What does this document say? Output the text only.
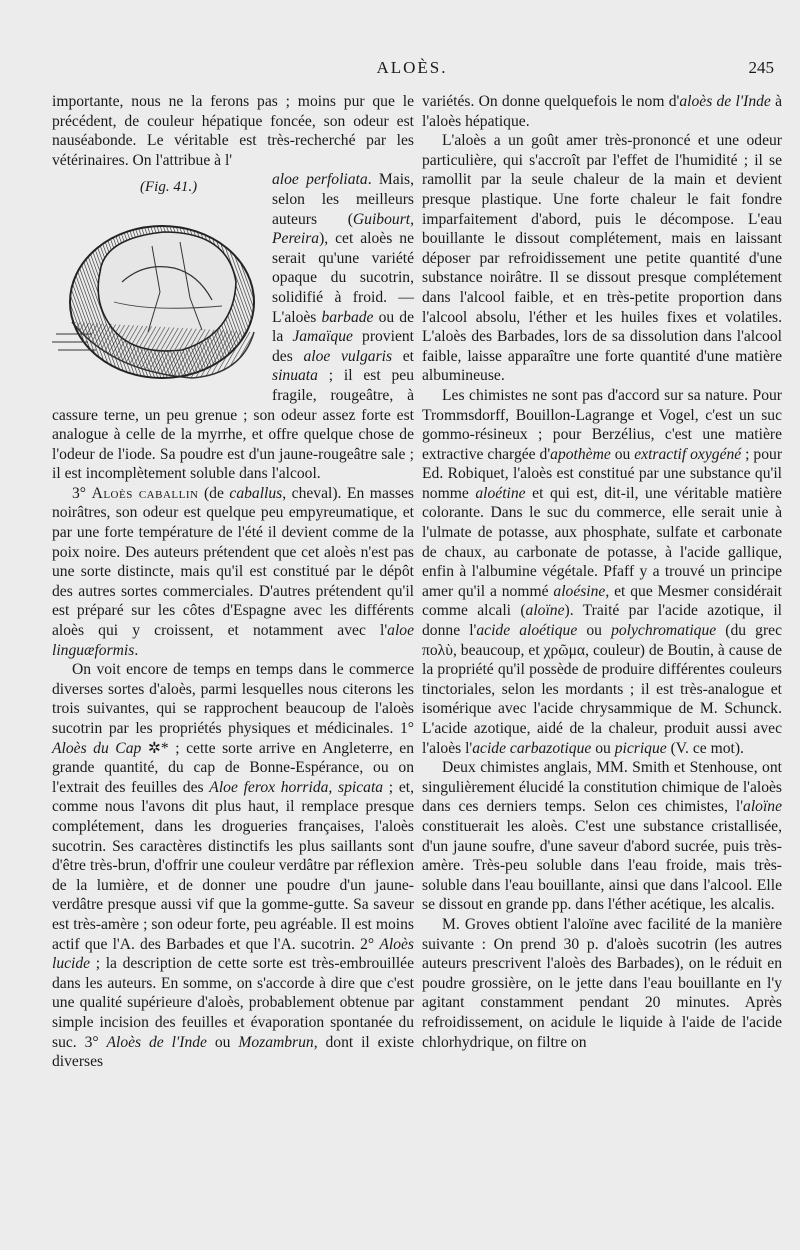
ALOÈS.	245

importante, nous ne la ferons pas ; moins pur que le précédent, de couleur hépatique foncée, son odeur est nauséabonde. Le véritable est très-recherché par les vétérinaires. On l'attribue à l'

(Fig. 41.)	aloe perfoliata. Mais, selon les meilleurs auteurs (Guibourt, Pereira), cet aloès ne serait qu'une variété opaque du sucotrin, solidifié à froid. — L'aloès barbade ou de la Jamaïque provient des aloe vulgaris et sinuata ; il est peu fragile, rougeâtre, à cassure terne, un peu grenue ; son odeur assez forte est analogue à celle de la myrrhe, et offre quelque chose de l'odeur de l'iode. Sa poudre est d'un jaune-rougeâtre sale ; il est incomplètement soluble dans l'alcool.

3° Aloès caballin (de caballus, cheval). En masses noirâtres, son odeur est quelque peu empyreumatique, et par une forte température de l'été il devient comme de la poix noire. Des auteurs prétendent que cet aloès n'est pas une sorte distincte, mais qu'il est constitué par le dépôt des autres sortes commerciales. D'autres prétendent qu'il est préparé sur les côtes d'Espagne avec les différents aloès qui y croissent, et notamment avec l'aloe linguæformis.

On voit encore de temps en temps dans le commerce diverses sortes d'aloès, parmi lesquelles nous citerons les trois suivantes, qui se rapprochent beaucoup de l'aloès sucotrin par les propriétés physiques et médicinales. 1° Aloès du Cap ✲* ; cette sorte arrive en Angleterre, en grande quantité, du cap de Bonne-Espérance, ou on l'extrait des feuilles des Aloe ferox horrida, spicata ; et, comme nous l'avons dit plus haut, il remplace presque complétement, dans les drogueries françaises, l'aloès sucotrin. Ses caractères distinctifs les plus saillants sont d'être très-brun, d'offrir une couleur verdâtre par réflexion de la lumière, et de donner une poudre d'un jaune-verdâtre presque aussi vif que la gomme-gutte. Sa saveur est très-amère ; son odeur forte, peu agréable. Il est moins actif que l'A. des Barbades et que l'A. sucotrin. 2° Aloès lucide ; la description de cette sorte est très-embrouillée dans les auteurs. En somme, on s'accorde à dire que c'est une qualité supérieure d'aloès, probablement obtenue par simple incision des feuilles et évaporation spontanée du suc. 3° Aloès de l'Inde ou Mozambrun, dont il existe diverses

variétés. On donne quelquefois le nom d'aloès de l'Inde à l'aloès hépatique.

L'aloès a un goût amer très-prononcé et une odeur particulière, qui s'accroît par l'effet de l'humidité ; il se ramollit par la seule chaleur de la main et devient presque plastique. Une forte chaleur le fait fondre imparfaitement d'abord, puis le décompose. L'eau bouillante le dissout complétement, mais en laissant déposer par refroidissement une petite quantité d'une substance noirâtre. Il se dissout presque complétement dans l'alcool faible, et en très-petite proportion dans l'alcool absolu, l'éther et les huiles fixes et volatiles. L'aloès des Barbades, lors de sa dissolution dans l'alcool faible, laisse apparaître une forte quantité d'une matière albumineuse.

Les chimistes ne sont pas d'accord sur sa nature. Pour Trommsdorff, Bouillon-Lagrange et Vogel, c'est un suc gommo-résineux ; pour Berzélius, c'est une matière extractive chargée d'apothème ou extractif oxygéné ; pour Ed. Robiquet, l'aloès est constitué par une substance qu'il nomme aloétine et qui est, dit-il, une véritable matière colorante. Dans le suc du commerce, elle serait unie à l'ulmate de potasse, aux phosphate, sulfate et carbonate de chaux, au carbonate de potasse, à l'acide gallique, enfin à l'albumine végétale. Pfaff y a trouvé un principe amer qu'il a nommé aloésine, et que Mesmer considérait comme alcali (aloïne). Traité par l'acide azotique, il donne l'acide aloétique ou polychromatique (du grec πολὺ, beaucoup, et χρῶμα, couleur) de Boutin, à cause de la propriété qu'il possède de produire différentes couleurs tinctoriales, selon les mordants ; il est très-analogue et isomérique avec l'acide chrysammique de M. Schunck. L'acide azotique, aidé de la chaleur, produit aussi avec l'aloès l'acide carbazotique ou picrique (V. ce mot).

Deux chimistes anglais, MM. Smith et Stenhouse, ont singulièrement élucidé la constitution chimique de l'aloès dans ces derniers temps. Selon ces chimistes, l'aloïne constituerait les aloès. C'est une substance cristallisée, d'un jaune soufre, d'une saveur d'abord sucrée, puis très-amère. Très-peu soluble dans l'eau froide, mais très-soluble dans l'eau bouillante, ainsi que dans l'alcool. Elle se dissout en grande pp. dans l'éther acétique, les alcalis.

M. Groves obtient l'aloïne avec facilité de la manière suivante : On prend 30 p. d'aloès sucotrin (les autres auteurs prescrivent l'aloès des Barbades), on le réduit en poudre grossière, on le jette dans l'eau bouillante en l'y agitant constamment pendant 20 minutes. Après refroidissement, on acidule le liquide à l'aide de l'acide chlorhydrique, on filtre on
